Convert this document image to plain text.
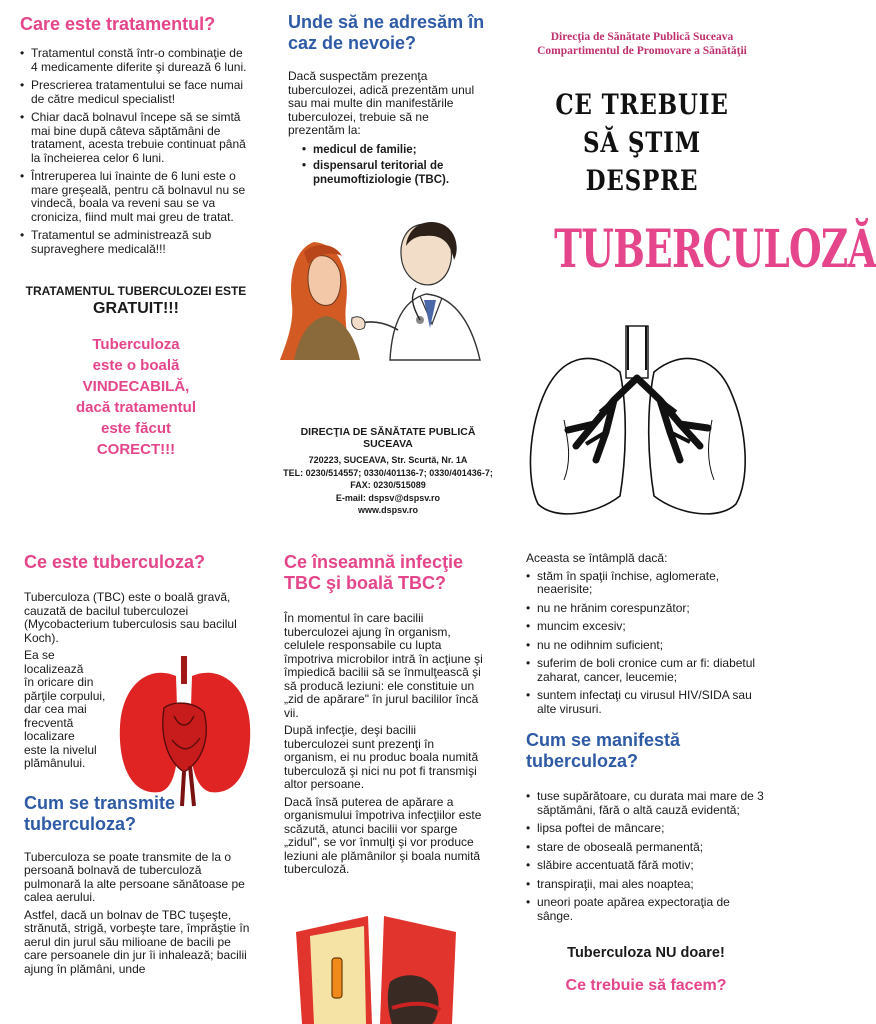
Care este tratamentul?
• Tratamentul constă într-o combinaţie de 4 medicamente diferite şi durează 6 luni.
• Prescrierea tratamentului se face numai de către medicul specialist!
• Chiar dacă bolnavul începe să se simtă mai bine după câteva săptămâni de tratament, acesta trebuie continuat până la încheierea celor 6 luni.
• Întreruperea lui înainte de 6 luni este o mare greşeală, pentru că bolnavul nu se vindecă, boala va reveni sau se va croniciza, fiind mult mai greu de tratat.
• Tratamentul se administrează sub supraveghere medicală!!!
TRATAMENTUL TUBERCULOZEI ESTE
GRATUIT!!!
Tuberculoza
este o boală
VINDECABILĂ,
dacă tratamentul
este făcut
CORECT!!!
Unde să ne adresăm în caz de nevoie?

Dacă suspectăm prezenţa tuberculozei, adică prezentăm unul sau mai multe din manifestările tuberculozei, trebuie să ne prezentăm la:

• medicul de familie;
• dispensarul teritorial de pneumoftiziologie (TBC).
DIRECŢIA DE SĂNĂTATE PUBLICĂ SUCEAVA
720223, SUCEAVA, Str. Scurtă, Nr. 1A
TEL: 0230/514557; 0330/401136-7; 0330/401436-7;
FAX: 0230/515089
E-mail: dspsv@dspsv.ro
www.dspsv.ro
Direcţia de Sănătate Publică Suceava
Compartimentul de Promovare a Sănătăţii
CE TREBUIE
SĂ ŞTIM
DESPRE
TUBERCULOZĂ
Ce este tuberculoza?

Tuberculoza (TBC) este o boală gravă, cauzată de bacilul tuberculozei (Mycobacterium tuberculosis sau bacilul Koch).

Ea se localizează
în oricare din
părţile corpului,
dar cea mai
frecventă
localizare
este la nivelul
plămânului.
Cum se transmite tuberculoza?

Tuberculoza se poate transmite de la o persoană bolnavă de tuberculoză pulmonară la alte persoane sănătoase pe calea aerului.

Astfel, dacă un bolnav de TBC tuşeşte, strănută, strigă, vorbeşte tare, împrăştie în aerul din jurul său milioane de bacili pe care persoanele din jur îi inhalează; bacilii ajung în plămâni, unde

Ce înseamnă infecţie TBC şi boală TBC?

În momentul în care bacilii tuberculozei ajung în organism, celulele responsabile cu lupta împotriva microbilor intră în acţiune şi împiedică bacilii să se înmulţească şi să producă leziuni: ele constituie un „zid de apărare" în jurul bacililor încă vii.

După infecţie, deşi bacilii tuberculozei sunt prezenţi în organism, ei nu produc boala numită tuberculoză şi nici nu pot fi transmişi altor persoane.

Dacă însă puterea de apărare a organismului împotriva infecţiilor este scăzută, atunci bacilii vor sparge „zidul", se vor înmulţi şi vor produce leziuni ale plămânilor şi boala numită tuberculoză.

Aceasta se întâmplă dacă:

• stăm în spaţii închise, aglomerate, neaerisite;
• nu ne hrănim corespunzător;
• muncim excesiv;
• nu ne odihnim suficient;
• suferim de boli cronice cum ar fi: diabetul zaharat, cancer, leucemie;
• suntem infectaţi cu virusul HIV/SIDA sau alte virusuri.
Cum se manifestă tuberculoza?
• tuse supărătoare, cu durata mai mare de 3 săptămâni, fără o altă cauză evidentă;
• lipsa poftei de mâncare;
• stare de oboseală permanentă;
• slăbire accentuată fără motiv;
• transpiraţii, mai ales noaptea;
• uneori poate apărea expectoraţia de sânge.
Tuberculoza NU doare!
Ce trebuie să facem?
